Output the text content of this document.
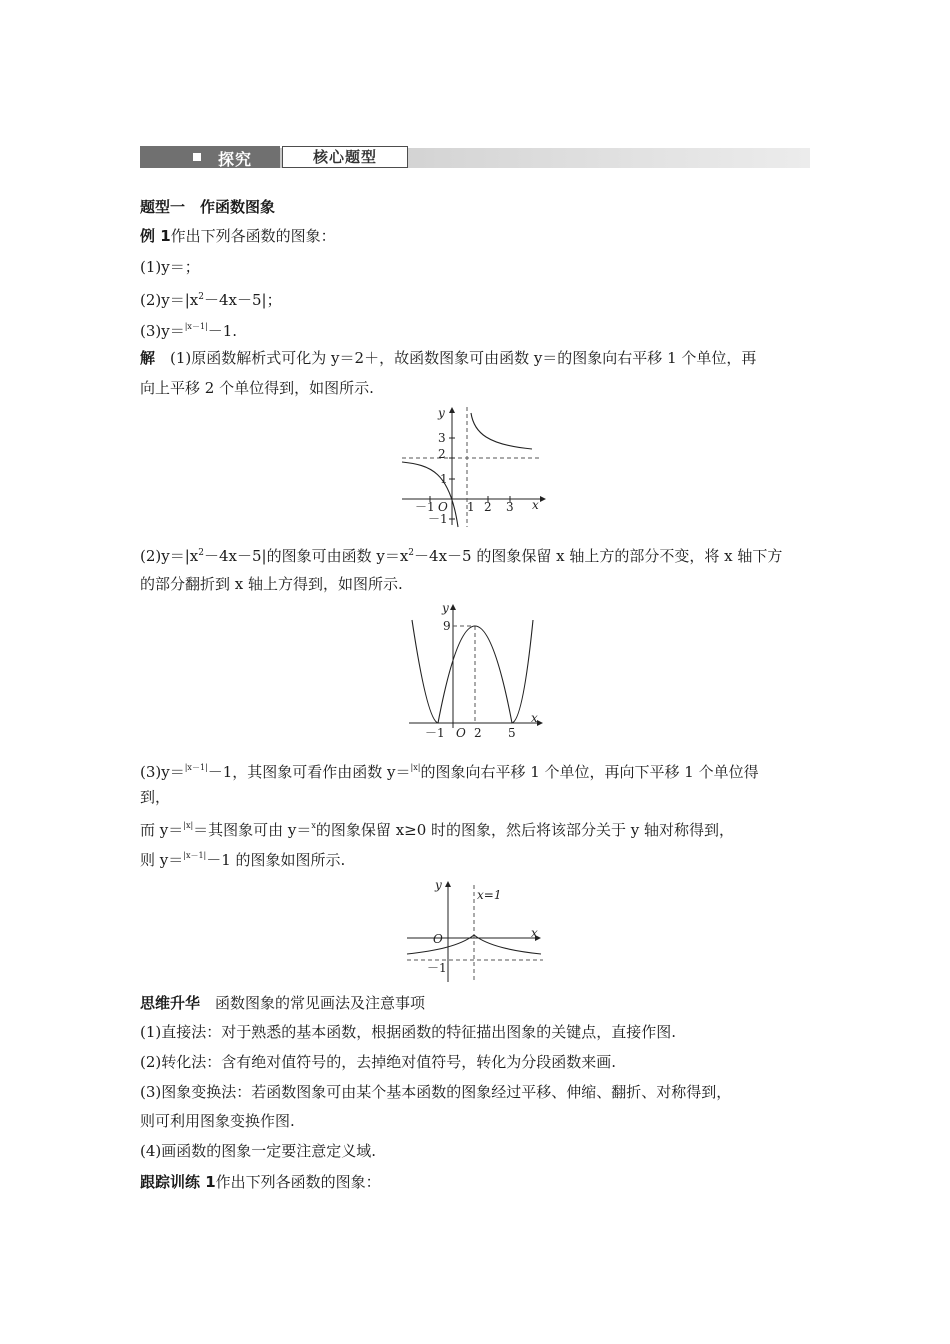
探究	核心题型
题型一　作函数图象
例 1作出下列各函数的图象：
(1)y＝；
$(2)y=|x^2-4x-5|$；
(3)y＝$^{|x-1|}$－1.
解　 (1)原函数解析式可化为 y＝2＋，故函数图象可由函数 y＝的图象向右平移 1 个单位，再
向上平移 2 个单位得到，如图所示.
y
3
2
1
－1 O 1 2 3 x
－1
$(2)y=|x^2-4x-5|$的图象可由函数 $y=x^2-4x-5$ 的图象保留 x 轴上方的部分不变，将 x 轴下方
的部分翻折到 x 轴上方得到，如图所示.
y
9
－1 O 2 5
x
(3)y＝$^{|x-1|}$－1，其图象可看作由函数 y＝$^{|x|}$的图象向右平移 1 个单位，再向下平移 1 个单位得
到，
而 y＝$^{|x|}$＝其图象可由 y＝$^x$的图象保留 x≥0 时的图象，然后将该部分关于 y 轴对称得到，
则 y＝$^{|x-1|}$－1 的图象如图所示.
y
x=1
O	x
－1
思维升华　 函数图象的常见画法及注意事项
(1)直接法：对于熟悉的基本函数，根据函数的特征描出图象的关键点，直接作图.
(2)转化法：含有绝对值符号的，去掉绝对值符号，转化为分段函数来画.
(3)图象变换法：若函数图象可由某个基本函数的图象经过平移、伸缩、翻折、对称得到，
则可利用图象变换作图.
(4)画函数的图象一定要注意定义域.
跟踪训练 1作出下列各函数的图象：
